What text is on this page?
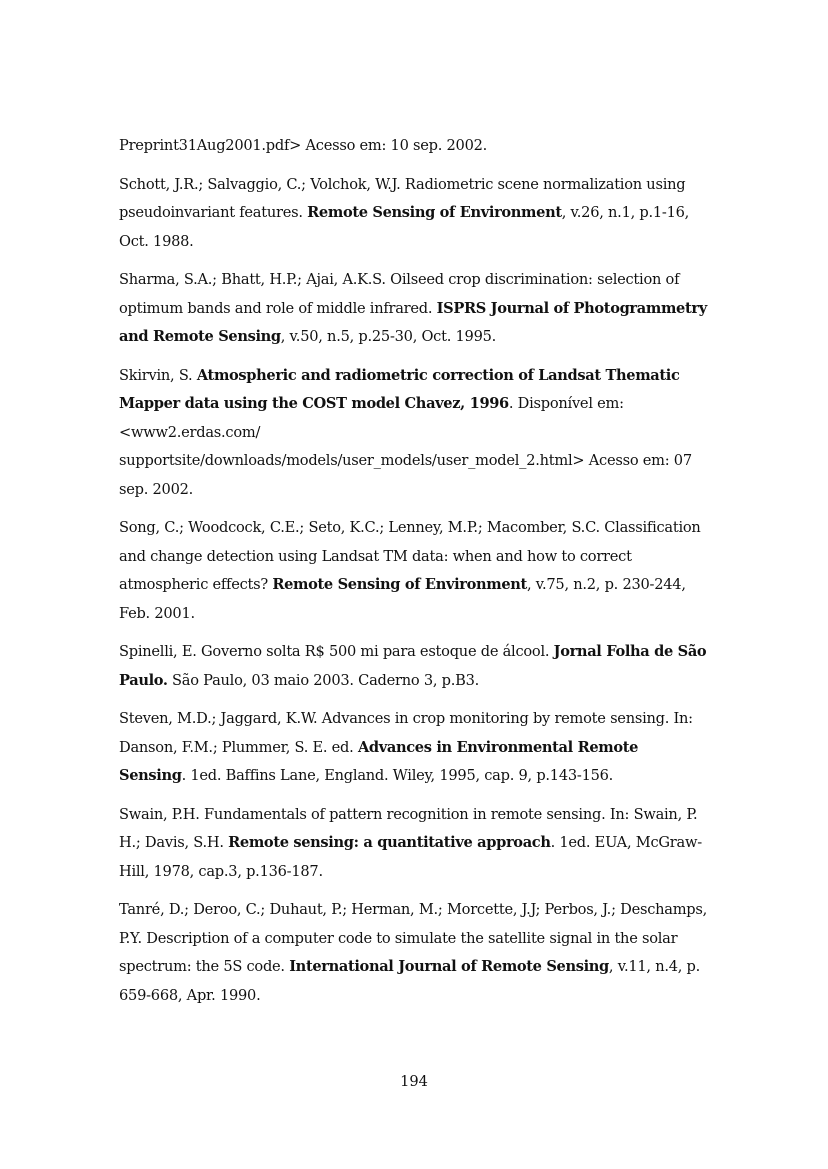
Preprint31Aug2001.pdf> Acesso em: 10 sep. 2002.

Schott, J.R.; Salvaggio, C.; Volchok, W.J. Radiometric scene normalization using pseudoinvariant features. Remote Sensing of Environment, v.26, n.1, p.1-16, Oct. 1988.

Sharma, S.A.; Bhatt, H.P.; Ajai, A.K.S. Oilseed crop discrimination: selection of optimum bands and role of middle infrared. ISPRS Journal of Photogrammetry and Remote Sensing, v.50, n.5, p.25-30, Oct. 1995.

Skirvin, S. Atmospheric and radiometric correction of Landsat Thematic Mapper data using the COST model Chavez, 1996. Disponível em: <www2.erdas.com/ supportsite/downloads/models/user_models/user_model_2.html> Acesso em: 07 sep. 2002.

Song, C.; Woodcock, C.E.; Seto, K.C.; Lenney, M.P.; Macomber, S.C. Classification and change detection using Landsat TM data: when and how to correct atmospheric effects? Remote Sensing of Environment, v.75, n.2, p. 230-244, Feb. 2001.

Spinelli, E. Governo solta R$ 500 mi para estoque de álcool. Jornal Folha de São Paulo. São Paulo, 03 maio 2003. Caderno 3, p.B3.

Steven, M.D.; Jaggard, K.W. Advances in crop monitoring by remote sensing. In: Danson, F.M.; Plummer, S. E. ed. Advances in Environmental Remote Sensing. 1ed. Baffins Lane, England. Wiley, 1995, cap. 9, p.143-156.

Swain, P.H. Fundamentals of pattern recognition in remote sensing. In: Swain, P. H.; Davis, S.H. Remote sensing: a quantitative approach. 1ed. EUA, McGraw-Hill, 1978, cap.3, p.136-187.

Tanré, D.; Deroo, C.; Duhaut, P.; Herman, M.; Morcette, J.J; Perbos, J.; Deschamps, P.Y. Description of a computer code to simulate the satellite signal in the solar spectrum: the 5S code. International Journal of Remote Sensing, v.11, n.4, p. 659-668, Apr. 1990.

194
